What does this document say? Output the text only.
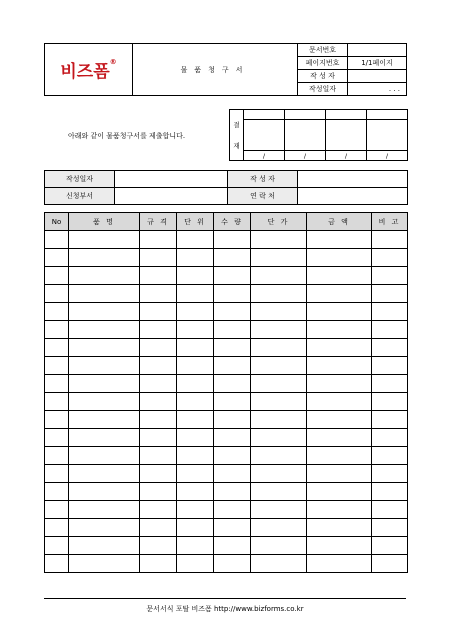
비즈폼®	물품청구서	문서번호	
		페이지번호	1/1페이지
		작 성 자	
		작성일자	. . .
아래와 같이 물품청구서를 제출합니다.
결
재				

	/	/	/	/
작성일자		작 성 자	
신청부서		연 락 처	
No	품 명	규 격	단 위	수 량	단 가	금 액	비 고

문서서식 포탈 비즈폼 http://www.bizforms.co.kr
